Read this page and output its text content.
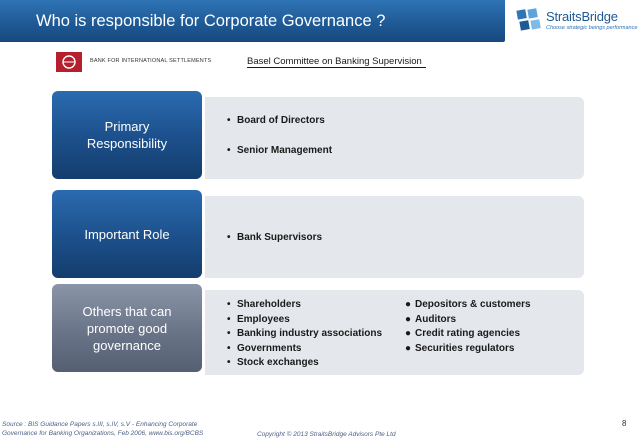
Who is responsible for Corporate Governance ?	StraitsBridge
Choose strategic beings performance
BANK FOR INTERNATIONAL SETTLEMENTS	Basel Committee on Banking Supervision
Primary
Responsibility
• Board of Directors
• Senior Management
Important Role	• Bank Supervisors
Others that can
promote good
governance
• Shareholders
• Employees
• Banking industry associations
• Governments
• Stock exchanges
● Depositors & customers
● Auditors
● Credit rating agencies
● Securities regulators
Source : BIS Guidance Papers s.III, s.IV, s.V - Enhancing Corporate
Governance for Banking Organizations, Feb 2006, www.bis.org/BCBS	Copyright © 2013 StraitsBridge Advisors Pte Ltd
8
